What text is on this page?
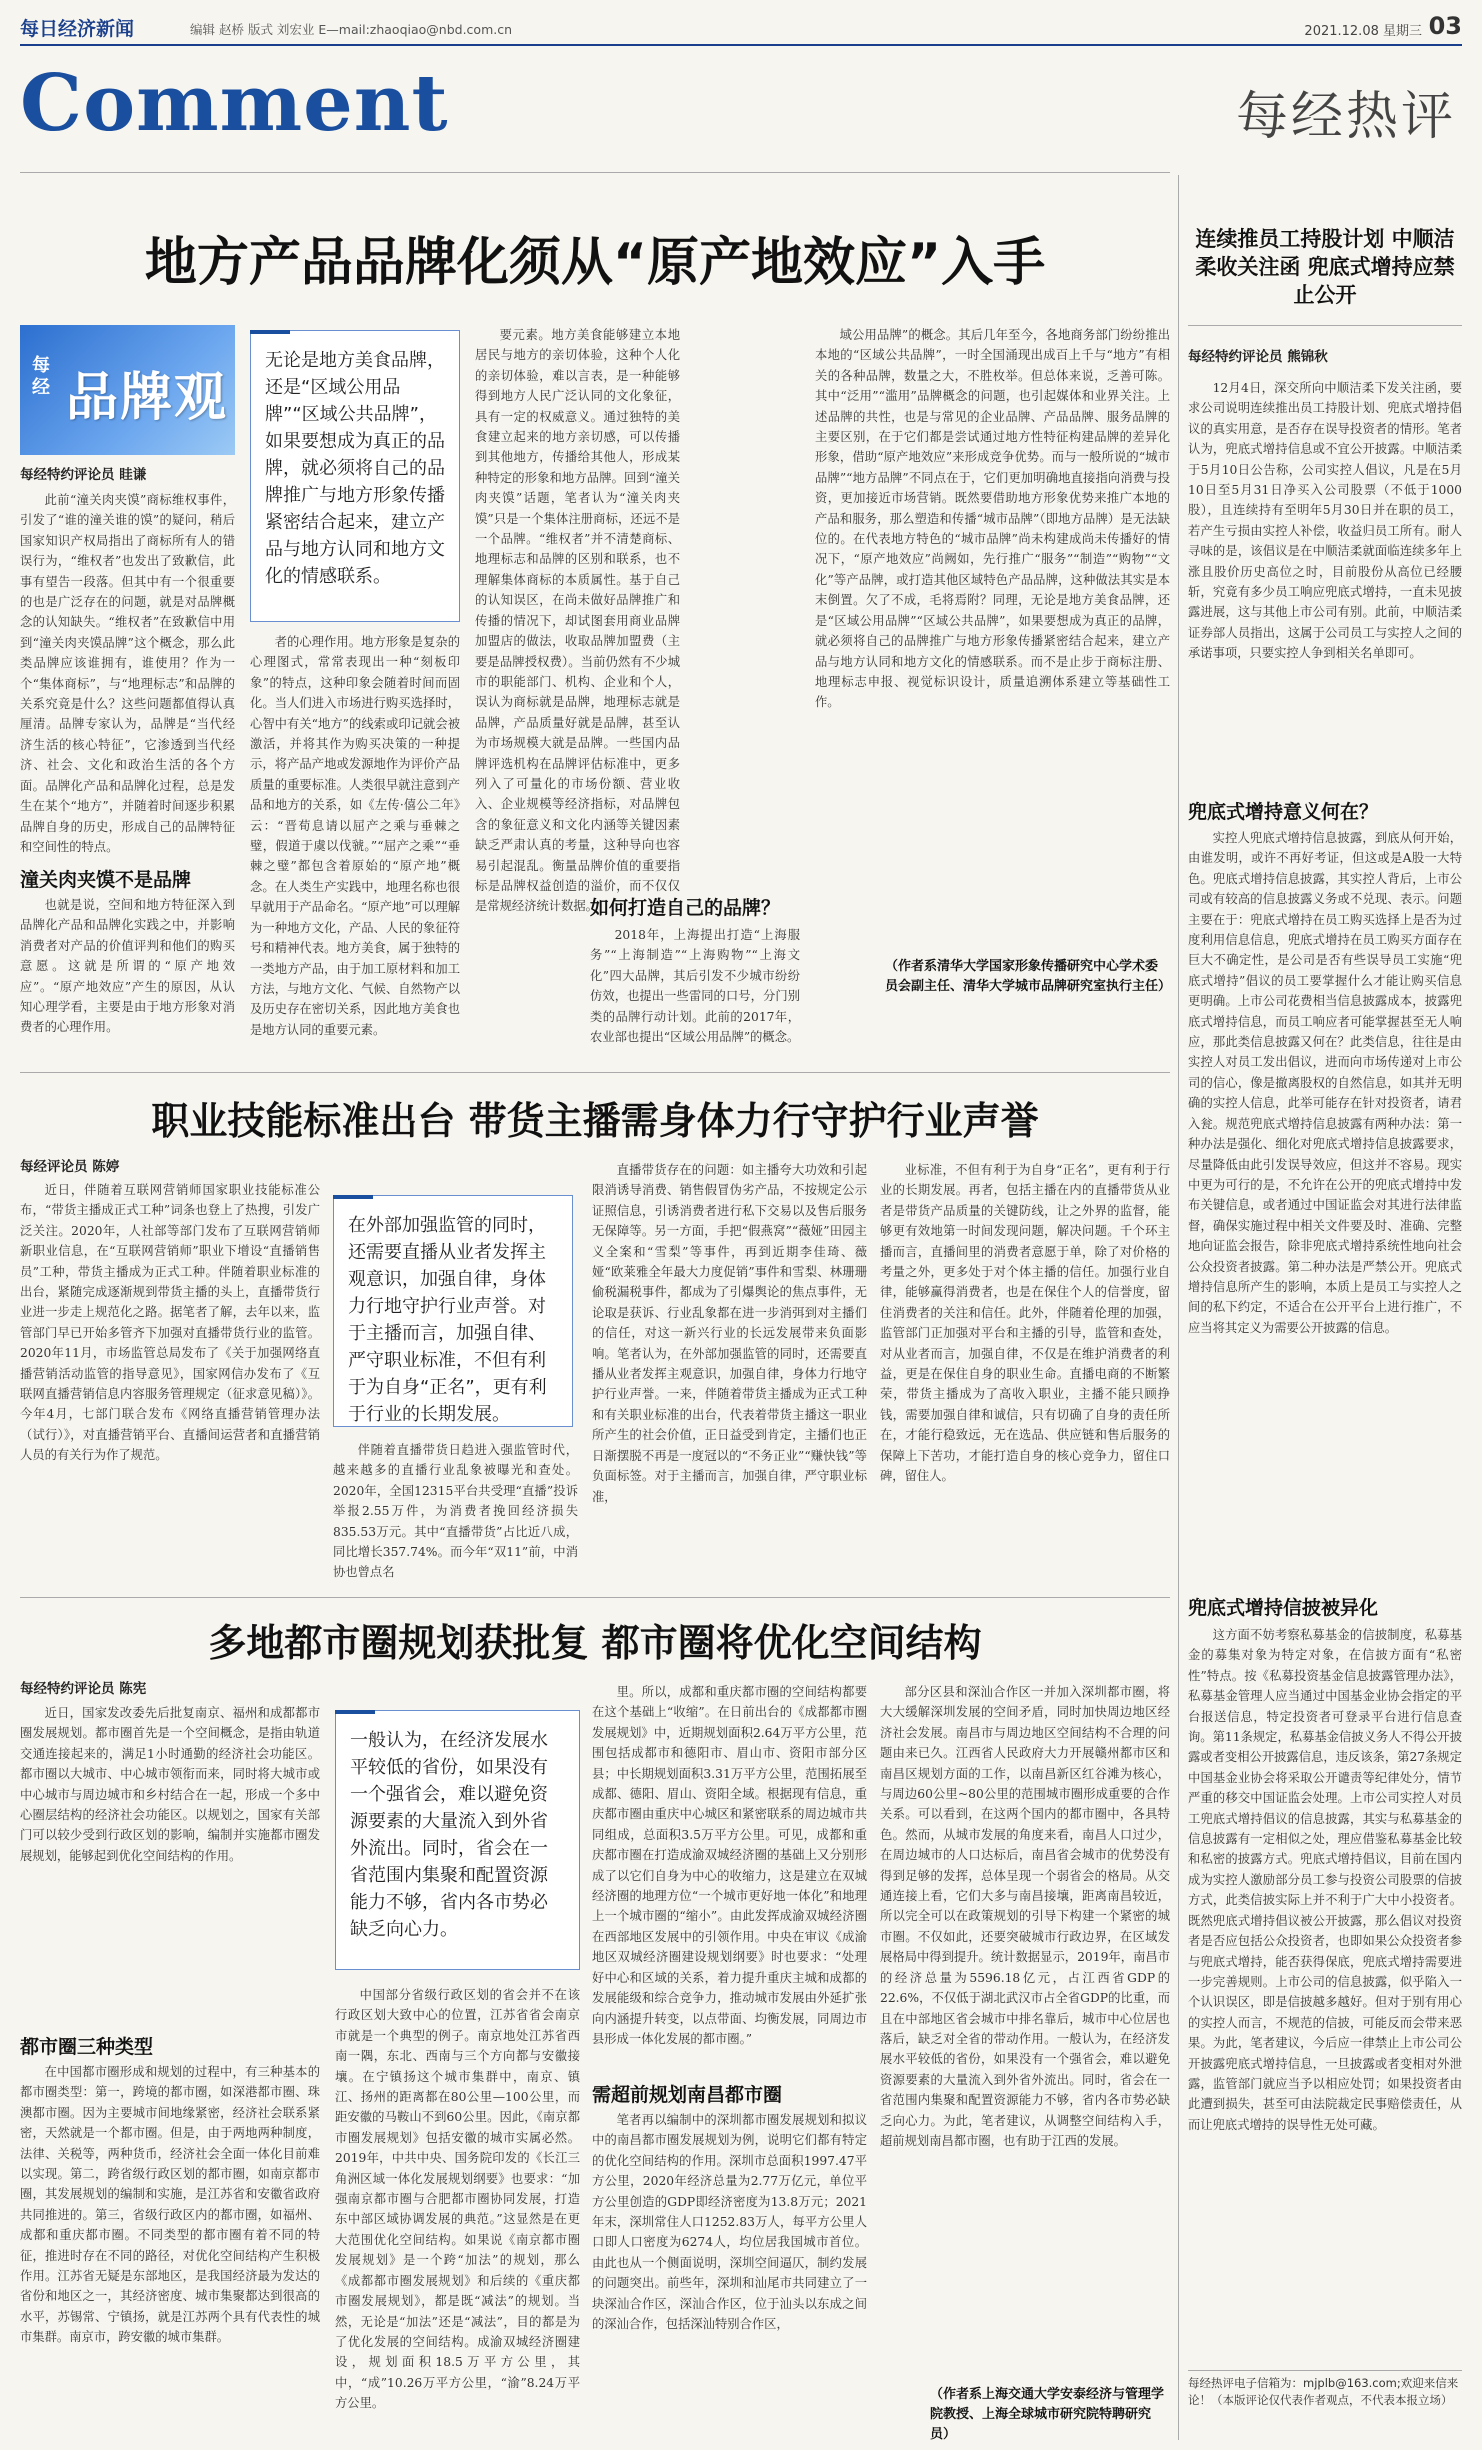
每日经济新闻	编辑 赵桥 版式 刘宏业 E—mail:zhaoqiao@nbd.com.cn	2021.12.08 星期三 03
Comment	每经热评
地方产品品牌化须从“原产地效应”入手
每经 品牌观
每经特约评论员 眭谦

此前“潼关肉夹馍”商标维权事件，引发了“谁的潼关谁的馍”的疑问，稍后国家知识产权局指出了商标所有人的错误行为，“维权者”也发出了致歉信，此事有望告一段落。但其中有一个很重要的也是广泛存在的问题，就是对品牌概念的认知缺失。“维权者”在致歉信中用到“潼关肉夹馍品牌”这个概念，那么此类品牌应该谁拥有，谁使用？作为一个“集体商标”，与“地理标志”和品牌的关系究竟是什么？这些问题都值得认真厘清。品牌专家认为，品牌是“当代经济生活的核心特征”，它渗透到当代经济、社会、文化和政治生活的各个方面。品牌化产品和品牌化过程，总是发生在某个“地方”，并随着时间逐步积累品牌自身的历史，形成自己的品牌特征和空间性的特点。

潼关肉夹馍不是品牌

也就是说，空间和地方特征深入到品牌化产品和品牌化实践之中，并影响消费者对产品的价值评判和他们的购买意愿。这就是所谓的“原产地效应”。“原产地效应”产生的原因，从认知心理学看，主要是由于地方形象对消费者的心理作用。

无论是地方美食品牌，还是“区域公用品牌”“区域公共品牌”，如果要想成为真正的品牌，就必须将自己的品牌推广与地方形象传播紧密结合起来，建立产品与地方认同和地方文化的情感联系。

者的心理作用。地方形象是复杂的心理图式，常常表现出一种“刻板印象”的特点，这种印象会随着时间而固化。当人们进入市场进行购买选择时，心智中有关“地方”的线索或印记就会被激活，并将其作为购买决策的一种提示，将产品产地或发源地作为评价产品质量的重要标准。人类很早就注意到产品和地方的关系，如《左传·僖公二年》云：“晋荀息请以屈产之乘与垂棘之璧，假道于虞以伐虢。”“屈产之乘”“垂棘之璧”都包含着原始的“原产地”概念。在人类生产实践中，地理名称也很早就用于产品命名。“原产地”可以理解为一种地方文化，产品、人民的象征符号和精神代表。地方美食，属于独特的一类地方产品，由于加工原材料和加工方法，与地方文化、气候、自然物产以及历史存在密切关系，因此地方美食也是地方认同的重要元素。

要元素。地方美食能够建立本地居民与地方的亲切体验，这种个人化的亲切体验，难以言表，是一种能够得到地方人民广泛认同的文化象征，具有一定的权威意义。通过独特的美食建立起来的地方亲切感，可以传播到其他地方，传播给其他人，形成某种特定的形象和地方品牌。回到“潼关肉夹馍”话题，笔者认为“潼关肉夹馍”只是一个集体注册商标，还远不是一个品牌。“维权者”并不清楚商标、地理标志和品牌的区别和联系，也不理解集体商标的本质属性。基于自己的认知误区，在尚未做好品牌推广和传播的情况下，却试图套用商业品牌加盟店的做法，收取品牌加盟费（主要是品牌授权费）。当前仍然有不少城市的职能部门、机构、企业和个人，误认为商标就是品牌，地理标志就是品牌，产品质量好就是品牌，甚至认为市场规模大就是品牌。一些国内品牌评选机构在品牌评估标准中，更多列入了可量化的市场份额、营业收入、企业规模等经济指标，对品牌包含的象征意义和文化内涵等关键因素缺乏严肃认真的考量，这种导向也容易引起混乱。衡量品牌价值的重要指标是品牌权益创造的溢价，而不仅仅是常规经济统计数据。

如何打造自己的品牌？

2018年，上海提出打造“上海服务”“上海制造”“上海购物”“上海文化”四大品牌，其后引发不少城市纷纷仿效，也提出一些雷同的口号，分门别类的品牌行动计划。此前的2017年，农业部也提出“区域公用品牌”的概念。

域公用品牌”的概念。其后几年至今，各地商务部门纷纷推出本地的“区域公共品牌”，一时全国涌现出成百上千与“地方”有相关的各种品牌，数量之大，不胜枚举。但总体来说，乏善可陈。其中“泛用”“滥用”品牌概念的问题，也引起媒体和业界关注。上述品牌的共性，也是与常见的企业品牌、产品品牌、服务品牌的主要区别，在于它们都是尝试通过地方性特征构建品牌的差异化形象，借助“原产地效应”来形成竞争优势。而与一般所说的“城市品牌”“地方品牌”不同点在于，它们更加明确地直接指向消费与投资，更加接近市场营销。既然要借助地方形象优势来推广本地的产品和服务，那么塑造和传播“城市品牌”（即地方品牌）是无法缺位的。在代表地方特色的“城市品牌”尚未构建成尚未传播好的情况下，“原产地效应”尚阙如，先行推广“服务”“制造”“购物”“文化”等产品牌，或打造其他区域特色产品品牌，这种做法其实是本末倒置。欠了不成，毛将焉附？同理，无论是地方美食品牌，还是“区域公用品牌”“区域公共品牌”，如果要想成为真正的品牌，就必须将自己的品牌推广与地方形象传播紧密结合起来，建立产品与地方认同和地方文化的情感联系。而不是止步于商标注册、地理标志申报、视觉标识设计，质量追溯体系建立等基础性工作。

（作者系清华大学国家形象传播研究中心学术委员会副主任、清华大学城市品牌研究室执行主任）
职业技能标准出台 带货主播需身体力行守护行业声誉
每经评论员 陈婷

近日，伴随着互联网营销师国家职业技能标准公布，“带货主播成正式工种”词条也登上了热搜，引发广泛关注。2020年，人社部等部门发布了互联网营销师新职业信息，在“互联网营销师”职业下增设“直播销售员”工种，带货主播成为正式工种。伴随着职业标准的出台，紧随完成逐渐规到带货主播的头上，直播带货行业进一步走上规范化之路。据笔者了解，去年以来，监管部门早已开始多管齐下加强对直播带货行业的监管。2020年11月，市场监管总局发布了《关于加强网络直播营销活动监管的指导意见》，国家网信办发布了《互联网直播营销信息内容服务管理规定（征求意见稿）》。今年4月，七部门联合发布《网络直播营销管理办法（试行）》，对直播营销平台、直播间运营者和直播营销人员的有关行为作了规范。

在外部加强监管的同时，还需要直播从业者发挥主观意识，加强自律，身体力行地守护行业声誉。对于主播而言，加强自律、严守职业标准，不但有利于为自身“正名”，更有利于行业的长期发展。

伴随着直播带货日趋进入强监管时代，越来越多的直播行业乱象被曝光和查处。2020年，全国12315平台共受理“直播”投诉举报2.55万件，为消费者挽回经济损失835.53万元。其中“直播带货”占比近八成，同比增长357.74%。而今年“双11”前，中消协也曾点名

直播带货存在的问题：如主播夸大功效和引起限消诱导消费、销售假冒伪劣产品，不按规定公示证照信息，引诱消费者进行私下交易以及售后服务无保障等。另一方面，手把“假燕窝”“薇娅”田园主义全案和“雪梨”等事件，再到近期李佳琦、薇娅“欧莱雅全年最大力度促销”事件和雪梨、林珊珊偷税漏税事件，都成为了引爆舆论的焦点事件，无论取是获诉、行业乱象都在进一步消弭到对主播们的信任，对这一新兴行业的长远发展带来负面影响。笔者认为，在外部加强监管的同时，还需要直播从业者发挥主观意识，加强自律，身体力行地守护行业声誉。一来，伴随着带货主播成为正式工种和有关职业标准的出台，代表着带货主播这一职业所产生的社会价值，正日益受到肯定，主播们也正日渐摆脱不再是一度冠以的“不务正业”“赚快钱”等负面标签。对于主播而言，加强自律，严守职业标准，

业标准，不但有利于为自身“正名”，更有利于行业的长期发展。再者，包括主播在内的直播带货从业者是带货产品质量的关键防线，让之外界的监督，能够更有效地第一时间发现问题，解决问题。千个环主播而言，直播间里的消费者意愿于单，除了对价格的考量之外，更多处于对个体主播的信任。加强行业自律，能够赢得消费者，也是在保住个人的信誉度，留住消费者的关注和信任。此外，伴随着伦理的加强，监管部门正加强对平台和主播的引导，监管和查处，对从业者而言，加强自律，不仅是在维护消费者的利益，更是在保住自身的职业生命。直播电商的不断繁荣，带货主播成为了高收入职业，主播不能只顾挣钱，需要加强自律和诚信，只有切确了自身的责任所在，才能行稳致远，无在选品、供应链和售后服务的保障上下苦功，才能打造自身的核心竞争力，留住口碑，留住人。

多地都市圈规划获批复 都市圈将优化空间结构
每经特约评论员 陈宪

近日，国家发改委先后批复南京、福州和成都都市圈发展规划。都市圈首先是一个空间概念，是指由轨道交通连接起来的，满足1小时通勤的经济社会功能区。都市圈以大城市、中心城市领衔而来，同时将大城市或中心城市与周边城市和乡村结合在一起，形成一个多中心圈层结构的经济社会功能区。以规划之，国家有关部门可以较少受到行政区划的影响，编制并实施都市圈发展规划，能够起到优化空间结构的作用。

都市圈三种类型

在中国都市圈形成和规划的过程中，有三种基本的都市圈类型：第一，跨境的都市圈，如深港都市圈、珠澳都市圈。因为主要城市间地缘紧密，经济社会联系紧密，天然就是一个都市圈。但是，由于两地两种制度，法律、关税等，两种货币，经济社会全面一体化目前难以实现。第二，跨省级行政区划的都市圈，如南京都市圈，其发展规划的编制和实施，是江苏省和安徽省政府共同推进的。第三，省级行政区内的都市圈，如福州、成都和重庆都市圈。不同类型的都市圈有着不同的特征，推进时存在不同的路径，对优化空间结构产生积极作用。江苏省无疑是东部地区，是我国经济最为发达的省份和地区之一，其经济密度、城市集聚都达到很高的水平，苏锡常、宁镇扬，就是江苏两个具有代表性的城市集群。南京市，跨安徽的城市集群。

一般认为，在经济发展水平较低的省份，如果没有一个强省会，难以避免资源要素的大量流入到外省外流出。同时，省会在一省范围内集聚和配置资源能力不够，省内各市势必缺乏向心力。

中国部分省级行政区划的省会并不在该行政区划大致中心的位置，江苏省省会南京市就是一个典型的例子。南京地处江苏省西南一隅，东北、西南与三个方向都与安徽接壤。在宁镇扬这个城市集群中，南京、镇江、扬州的距离都在80公里—100公里，而距安徽的马鞍山不到60公里。因此，《南京都市圈发展规划》包括安徽的城市实属必然。2019年，中共中央、国务院印发的《长江三角洲区域一体化发展规划纲要》也要求：“加强南京都市圈与合肥都市圈协同发展，打造东中部区域协调发展的典范。”这显然是在更大范围优化空间结构。如果说《南京都市圈发展规划》是一个跨“加法”的规划，那么《成都都市圈发展规划》和后续的《重庆都市圈发展规划》，都是既“减法”的规划。当然，无论是“加法”还是“减法”，目的都是为了优化发展的空间结构。成渝双城经济圈建设，规划面积18.5万平方公里，其中，“成”10.26万平方公里，“渝”8.24万平方公里。

里。所以，成都和重庆都市圈的空间结构都要在这个基础上“收缩”。在日前出台的《成都都市圈发展规划》中，近期规划面积2.64万平方公里，范围包括成都市和德阳市、眉山市、资阳市部分区县；中长期规划面积3.31万平方公里，范围拓展至成都、德阳、眉山、资阳全域。根据现有信息，重庆都市圈由重庆中心城区和紧密联系的周边城市共同组成，总面积3.5万平方公里。可见，成都和重庆都市圈在打造成渝双城经济圈的基础上又分别形成了以它们自身为中心的收缩力，这是建立在双城经济圈的地理方位“一个城市更好地一体化”和地理上一个城市圈的“缩小”。由此发挥成渝双城经济圈在西部地区发展中的引领作用。中央在审议《成渝地区双城经济圈建设规划纲要》时也要求：“处理好中心和区域的关系，着力提升重庆主城和成都的发展能级和综合竞争力，推动城市发展由外延扩张向内涵提升转变，以点带面、均衡发展，同周边市县形成一体化发展的都市圈。”

需超前规划南昌都市圈

笔者再以编制中的深圳都市圈发展规划和拟议中的南昌都市圈发展规划为例，说明它们都有特定的优化空间结构的作用。深圳市总面积1997.47平方公里，2020年经济总量为2.77万亿元，单位平方公里创造的GDP即经济密度为13.8万元；2021年末，深圳常住人口1252.83万人，每平方公里人口即人口密度为6274人，均位居我国城市首位。由此也从一个侧面说明，深圳空间逼仄，制约发展的问题突出。前些年，深圳和汕尾市共同建立了一块深汕合作区，深汕合作区，位于汕头以东成之间的深汕合作，包括深汕特别合作区，

部分区县和深汕合作区一并加入深圳都市圈，将大大缓解深圳发展的空间矛盾，同时加快周边地区经济社会发展。南昌市与周边地区空间结构不合理的问题由来已久。江西省人民政府大力开展赣州都市区和南昌区规划方面的工作，以南昌新区红谷滩为核心，与周边60公里~80公里的范围城市圈形成重要的合作关系。可以看到，在这两个国内的都市圈中，各具特色。然而，从城市发展的角度来看，南昌人口过少，在周边城市的人口达标后，南昌省会城市的优势没有得到足够的发挥，总体呈现一个弱省会的格局。从交通连接上看，它们大多与南昌接壤，距离南昌较近，所以完全可以在政策规划的引导下构建一个紧密的城市圈。不仅如此，还要突破城市行政边界，在区域发展格局中得到提升。统计数据显示，2019年，南昌市的经济总量为5596.18亿元，占江西省GDP的22.6%，不仅低于湖北武汉市占全省GDP的比重，而且在中部地区省会城市中排名靠后，城市中心位居也落后，缺乏对全省的带动作用。一般认为，在经济发展水平较低的省份，如果没有一个强省会，难以避免资源要素的大量流入到外省外流出。同时，省会在一省范围内集聚和配置资源能力不够，省内各市势必缺乏向心力。为此，笔者建议，从调整空间结构入手，超前规划南昌都市圈，也有助于江西的发展。

（作者系上海交通大学安泰经济与管理学院教授、上海全球城市研究院特聘研究员）
连续推员工持股计划 中顺洁柔收关注函 兜底式增持应禁止公开
每经特约评论员 熊锦秋

12月4日，深交所向中顺洁柔下发关注函，要求公司说明连续推出员工持股计划、兜底式增持倡议的真实用意，是否存在误导投资者的情形。笔者认为，兜底式增持信息或不宜公开披露。中顺洁柔于5月10日公告称，公司实控人倡议，凡是在5月10日至5月31日净买入公司股票（不低于1000股），且连续持有至明年5月30日并在职的员工，若产生亏损由实控人补偿，收益归员工所有。耐人寻味的是，该倡议是在中顺洁柔就面临连续多年上涨且股价历史高位之时，目前股份从高位已经腰斩，究竟有多少员工响应兜底式增持，一直未见披露进展，这与其他上市公司有别。此前，中顺洁柔证券部人员指出，这属于公司员工与实控人之间的承诺事项，只要实控人争到相关名单即可。

兜底式增持意义何在？

实控人兜底式增持信息披露，到底从何开始，由谁发明，或许不再好考证，但这或是A股一大特色。兜底式增持信息披露，其实控人背后，上市公司或有较高的信息披露义务或不兑现、表示。问题主要在于：兜底式增持在员工购买选择上是否为过度利用信息信息，兜底式增持在员工购买方面存在巨大不确定性，是公司是否有些误导员工实施“兜底式增持”倡议的员工要掌握什么才能让购买信息更明确。上市公司花费相当信息披露成本，披露兜底式增持信息，而员工响应者可能掌握甚至无人响应，那此类信息披露又何在？此类信息，往往是由实控人对员工发出倡议，进而向市场传递对上市公司的信心，像是撤离股权的自然信息，如其并无明确的实控人信息，此举可能存在针对投资者，请君入瓮。规范兜底式增持信息披露有两种办法：第一种办法是强化、细化对兜底式增持信息披露要求，尽量降低由此引发误导效应，但这并不容易。现实中更为可行的是，不允许在公开的兜底式增持中发布关键信息，或者通过中国证监会对其进行法律监督，确保实施过程中相关文件要及时、准确、完整地向证监会报告，除非兜底式增持系统性地向社会公众投资者披露。第二种办法是严禁公开。兜底式增持信息所产生的影响，本质上是员工与实控人之间的私下约定，不适合在公开平台上进行推广，不应当将其定义为需要公开披露的信息。

兜底式增持信披被异化

这方面不妨考察私募基金的信披制度，私募基金的募集对象为特定对象，在信披方面有“私密性”特点。按《私募投资基金信息披露管理办法》，私募基金管理人应当通过中国基金业协会指定的平台报送信息，特定投资者可登录平台进行信息查询。第11条规定，私募基金信披义务人不得公开披露或者变相公开披露信息，违反该条，第27条规定中国基金业协会将采取公开谴责等纪律处分，情节严重的移交中国证监会处理。上市公司实控人对员工兜底式增持倡议的信息披露，其实与私募基金的信息披露有一定相似之处，理应借鉴私募基金比较和私密的披露方式。兜底式增持倡议，目前在国内成为实控人激励部分员工参与投资公司股票的信披方式，此类信披实际上并不利于广大中小投资者。既然兜底式增持倡议被公开披露，那么倡议对投资者是否应包括公众投资者，也即如果公众投资者参与兜底式增持，能否获得保底，兜底式增持需要进一步完善规则。上市公司的信息披露，似乎陷入一个认识误区，即是信披越多越好。但对于别有用心的实控人而言，不规范的信披，可能反而会带来恶果。为此，笔者建议，今后应一律禁止上市公司公开披露兜底式增持信息，一旦披露或者变相对外泄露，监管部门就应当予以相应处罚；如果投资者由此遭到损失，甚至可由法院裁定民事赔偿责任，从而让兜底式增持的误导性无处可藏。

每经热评电子信箱为：mjplb@163.com;欢迎来信来论！（本版评论仅代表作者观点，不代表本报立场）
